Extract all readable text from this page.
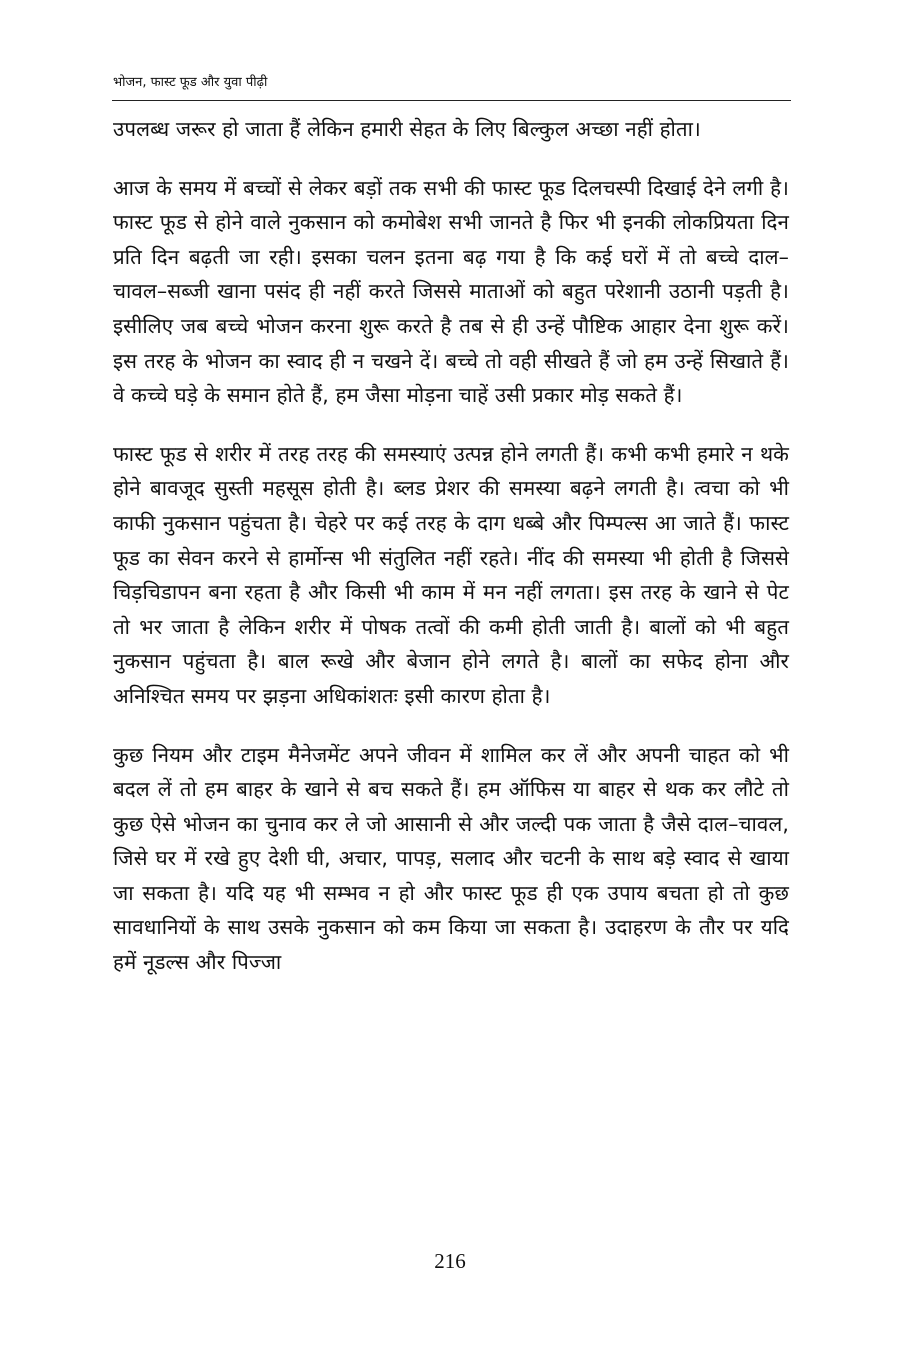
भोजन, फास्ट फूड और युवा पीढ़ी

उपलब्ध जरूर हो जाता हैं लेकिन हमारी सेहत के लिए बिल्कुल अच्छा नहीं होता।

आज के समय में बच्चों से लेकर बड़ों तक सभी की फास्ट फूड दिलचस्पी दिखाई देने लगी है। फास्ट फूड से होने वाले नुकसान को कमोबेश सभी जानते है फिर भी इनकी लोकप्रियता दिन प्रति दिन बढ़ती जा रही। इसका चलन इतना बढ़ गया है कि कई घरों में तो बच्चे दाल–चावल–सब्जी खाना पसंद ही नहीं करते जिससे माताओं को बहुत परेशानी उठानी पड़ती है। इसीलिए जब बच्चे भोजन करना शुरू करते है तब से ही उन्हें पौष्टिक आहार देना शुरू करें। इस तरह के भोजन का स्वाद ही न चखने दें। बच्चे तो वही सीखते हैं जो हम उन्हें सिखाते हैं। वे कच्चे घड़े के समान होते हैं, हम जैसा मोड़ना चाहें उसी प्रकार मोड़ सकते हैं।

फास्ट फूड से शरीर में तरह तरह की समस्याएं उत्पन्न होने लगती हैं। कभी कभी हमारे न थके होने बावजूद सुस्ती महसूस होती है। ब्लड प्रेशर की समस्या बढ़ने लगती है। त्वचा को भी काफी नुकसान पहुंचता है। चेहरे पर कई तरह के दाग धब्बे और पिम्पल्स आ जाते हैं। फास्ट फूड का सेवन करने से हार्मोन्स भी संतुलित नहीं रहते। नींद की समस्या भी होती है जिससे चिड़चिडापन बना रहता है और किसी भी काम में मन नहीं लगता। इस तरह के खाने से पेट तो भर जाता है लेकिन शरीर में पोषक तत्वों की कमी होती जाती है। बालों को भी बहुत नुकसान पहुंचता है। बाल रूखे और बेजान होने लगते है। बालों का सफेद होना और अनिश्चित समय पर झड़ना अधिकांशतः इसी कारण होता है।

कुछ नियम और टाइम मैनेजमेंट अपने जीवन में शामिल कर लें और अपनी चाहत को भी बदल लें तो हम बाहर के खाने से बच सकते हैं। हम ऑफिस या बाहर से थक कर लौटे तो कुछ ऐसे भोजन का चुनाव कर ले जो आसानी से और जल्दी पक जाता है जैसे दाल–चावल, जिसे घर में रखे हुए देशी घी, अचार, पापड़, सलाद और चटनी के साथ बड़े स्वाद से खाया जा सकता है। यदि यह भी सम्भव न हो और फास्ट फूड ही एक उपाय बचता हो तो कुछ सावधानियों के साथ उसके नुकसान को कम किया जा सकता है। उदाहरण के तौर पर यदि हमें नूडल्स और पिज्जा

216
